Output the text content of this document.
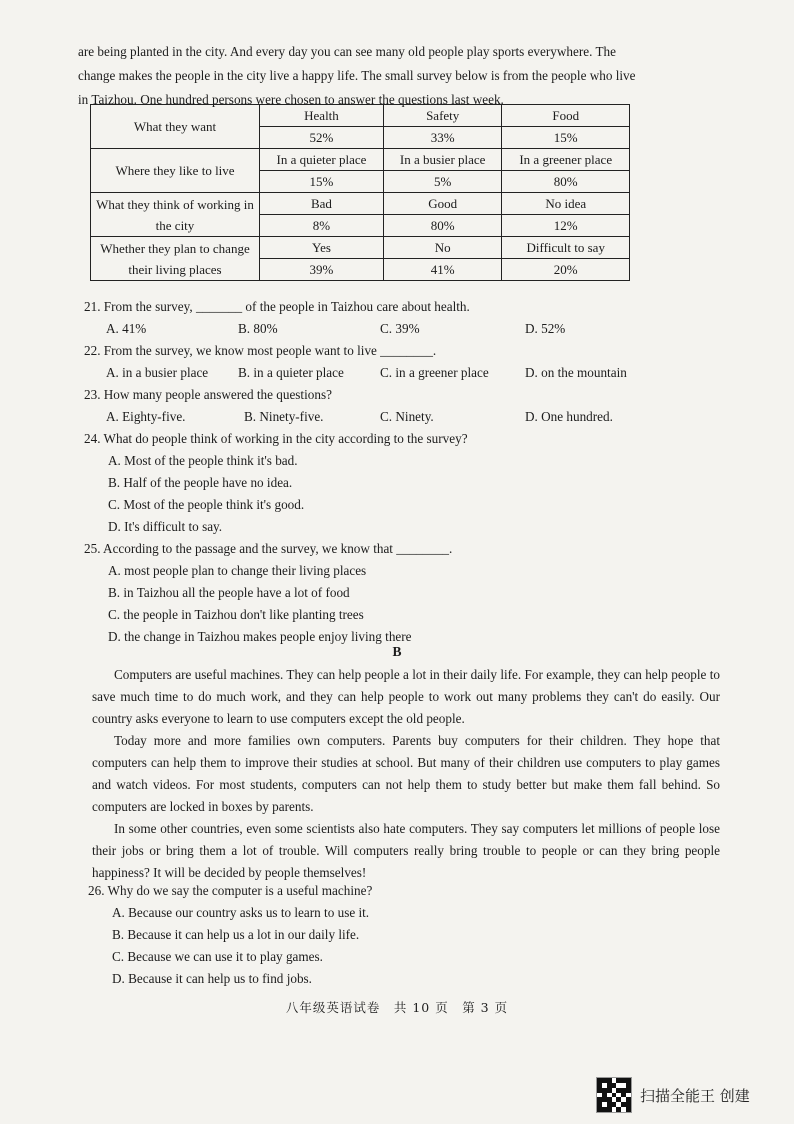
are being planted in the city. And every day you can see many old people play sports everywhere. The

change makes the people in the city live a happy life. The small survey below is from the people who live

in Taizhou. One hundred persons were chosen to answer the questions last week.

What they want	Health	Safety	Food
	52%	33%	15%
Where they like to live	In a quieter place	In a busier place	In a greener place
	15%	5%	80%
What they think of working in the city	Bad	Good	No idea
	8%	80%	12%
Whether they plan to change their living places	Yes	No	Difficult to say
	39%	41%	20%

21. From the survey, _______ of the people in Taizhou care about health.

A. 41%	B. 80%	C. 39%	D. 52%

22. From the survey, we know most people want to live ________.

A. in a busier place	B. in a quieter place	C. in a greener place	D. on the mountain

23. How many people answered the questions?

A. Eighty-five.	B. Ninety-five.	C. Ninety.	D. One hundred.

24. What do people think of working in the city according to the survey?

A. Most of the people think it's bad.
B. Half of the people have no idea.
C. Most of the people think it's good.
D. It's difficult to say.

25. According to the passage and the survey, we know that ________.

A. most people plan to change their living places
B. in Taizhou all the people have a lot of food
C. the people in Taizhou don't like planting trees
D. the change in Taizhou makes people enjoy living there
B

Computers are useful machines. They can help people a lot in their daily life. For example, they can help people to save much time to do much work, and they can help people to work out many problems they can't do easily. Our country asks everyone to learn to use computers except the old people.

Today more and more families own computers. Parents buy computers for their children. They hope that computers can help them to improve their studies at school. But many of their children use computers to play games and watch videos. For most students, computers can not help them to study better but make them fall behind. So computers are locked in boxes by parents.

In some other countries, even some scientists also hate computers. They say computers let millions of people lose their jobs or bring them a lot of trouble. Will computers really bring trouble to people or can they bring people happiness? It will be decided by people themselves!

26. Why do we say the computer is a useful machine?

A. Because our country asks us to learn to use it.
B. Because it can help us a lot in our daily life.
C. Because we can use it to play games.
D. Because it can help us to find jobs.
八年级英语试卷　共 10 页　第 3 页
扫描全能王 创建
